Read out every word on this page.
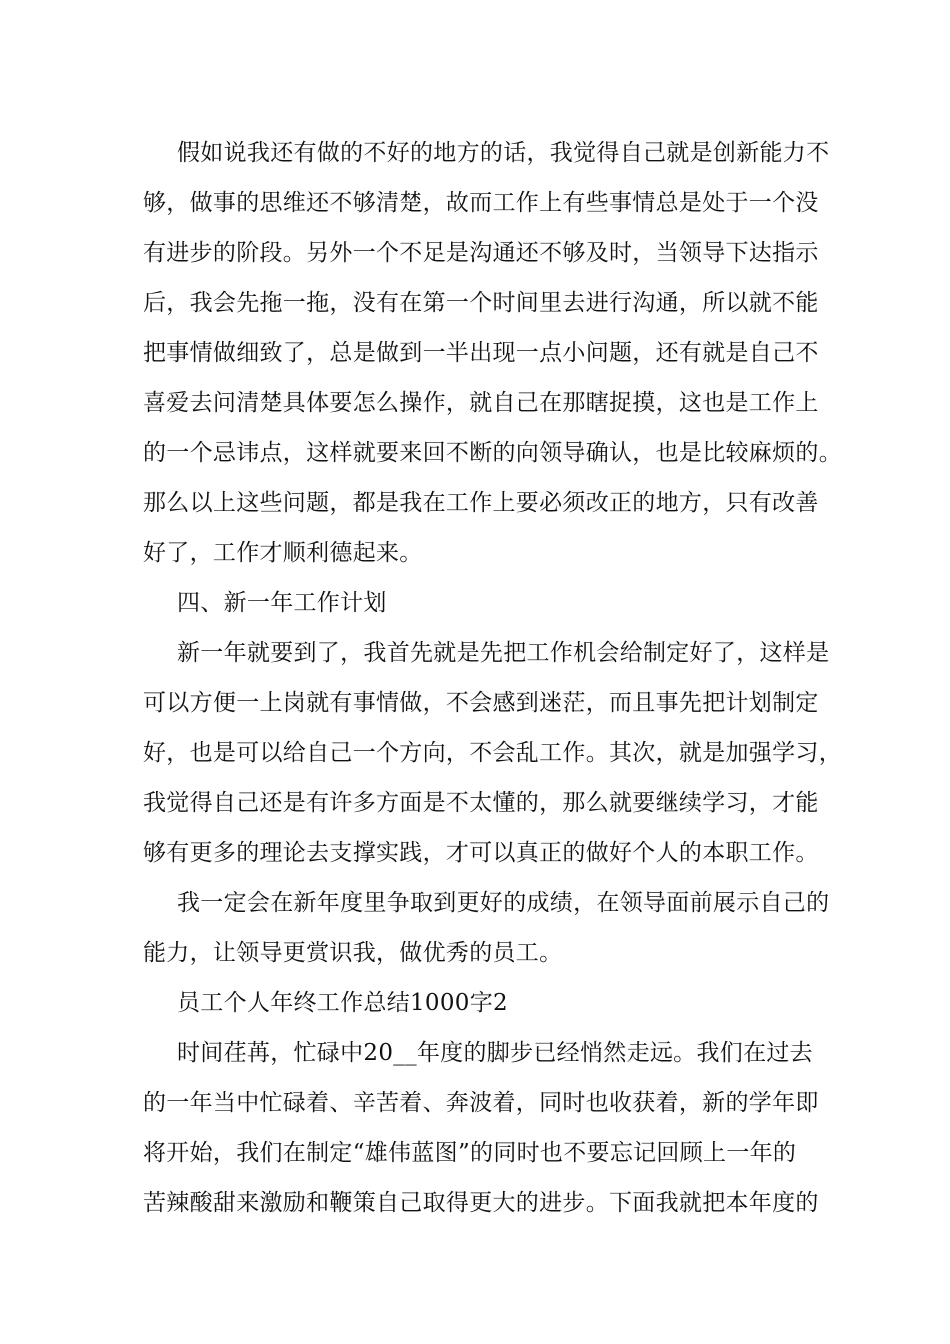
假如说我还有做的不好的地方的话，我觉得自己就是创新能力不
够，做事的思维还不够清楚，故而工作上有些事情总是处于一个没
有进步的阶段。另外一个不足是沟通还不够及时，当领导下达指示
后，我会先拖一拖，没有在第一个时间里去进行沟通，所以就不能
把事情做细致了，总是做到一半出现一点小问题，还有就是自己不
喜爱去问清楚具体要怎么操作，就自己在那瞎捉摸，这也是工作上
的一个忌讳点，这样就要来回不断的向领导确认，也是比较麻烦的。
那么以上这些问题，都是我在工作上要必须改正的地方，只有改善
好了，工作才顺利德起来。
四、新一年工作计划
新一年就要到了，我首先就是先把工作机会给制定好了，这样是
可以方便一上岗就有事情做，不会感到迷茫，而且事先把计划制定
好，也是可以给自己一个方向，不会乱工作。其次，就是加强学习，
我觉得自己还是有许多方面是不太懂的，那么就要继续学习，才能
够有更多的理论去支撑实践，才可以真正的做好个人的本职工作。
我一定会在新年度里争取到更好的成绩，在领导面前展示自己的
能力，让领导更赏识我，做优秀的员工。
员工个人年终工作总结1000字2
时间荏苒，忙碌中20__年度的脚步已经悄然走远。我们在过去
的一年当中忙碌着、辛苦着、奔波着，同时也收获着，新的学年即
将开始，我们在制定“雄伟蓝图”的同时也不要忘记回顾上一年的
苦辣酸甜来激励和鞭策自己取得更大的进步。下面我就把本年度的
